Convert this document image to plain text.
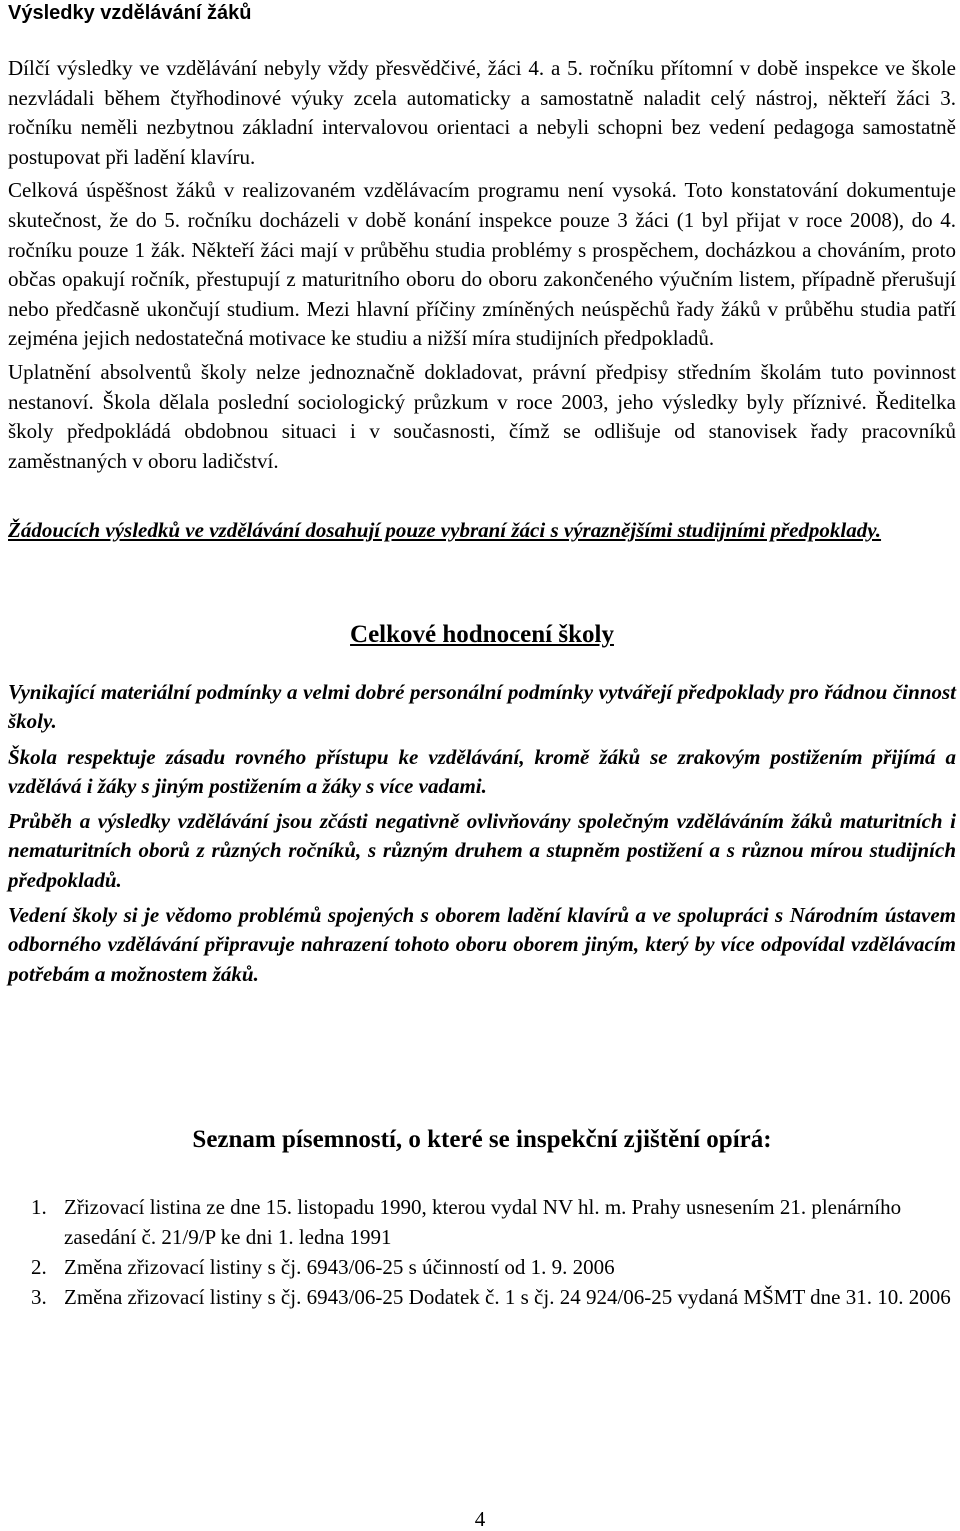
Výsledky vzdělávání žáků

Dílčí výsledky ve vzdělávání nebyly vždy přesvědčivé, žáci 4. a 5. ročníku přítomní v době inspekce ve škole nezvládali během čtyřhodinové výuky zcela automaticky a samostatně naladit celý nástroj, někteří žáci 3. ročníku neměli nezbytnou základní intervalovou orientaci a nebyli schopni bez vedení pedagoga samostatně postupovat při ladění klavíru.

Celková úspěšnost žáků v realizovaném vzdělávacím programu není vysoká. Toto konstatování dokumentuje skutečnost, že do 5. ročníku docházeli v době konání inspekce pouze 3 žáci (1 byl přijat v roce 2008), do 4. ročníku pouze 1 žák. Někteří žáci mají v průběhu studia problémy s prospěchem, docházkou a chováním, proto občas opakují ročník, přestupují z maturitního oboru do oboru zakončeného výučním listem, případně přerušují nebo předčasně ukončují studium. Mezi hlavní příčiny zmíněných neúspěchů řady žáků v průběhu studia patří zejména jejich nedostatečná motivace ke studiu a nižší míra studijních předpokladů.

Uplatnění absolventů školy nelze jednoznačně dokladovat, právní předpisy středním školám tuto povinnost nestanoví. Škola dělala poslední sociologický průzkum v roce 2003, jeho výsledky byly příznivé. Ředitelka školy předpokládá obdobnou situaci i v současnosti, čímž se odlišuje od stanovisek řady pracovníků zaměstnaných v oboru ladičství.

Žádoucích výsledků ve vzdělávání dosahují pouze vybraní žáci s výraznějšími studijními předpoklady.

Celkové hodnocení školy

Vynikající materiální podmínky a velmi dobré personální podmínky vytvářejí předpoklady pro řádnou činnost školy.

Škola respektuje zásadu rovného přístupu ke vzdělávání, kromě žáků se zrakovým postižením přijímá a vzdělává i žáky s jiným postižením a žáky s více vadami.

Průběh a výsledky vzdělávání jsou zčásti negativně ovlivňovány společným vzděláváním žáků maturitních i nematuritních oborů z různých ročníků, s různým druhem a stupněm postižení a s různou mírou studijních předpokladů.

Vedení školy si je vědomo problémů spojených s oborem ladění klavírů a ve spolupráci s Národním ústavem odborného vzdělávání připravuje nahrazení tohoto oboru oborem jiným, který by více odpovídal vzdělávacím potřebám a možnostem žáků.

Seznam písemností, o které se inspekční zjištění opírá:
1. Zřizovací listina ze dne 15. listopadu 1990, kterou vydal NV hl. m. Prahy usnesením 21. plenárního zasedání č. 21/9/P ke dni 1. ledna 1991
2. Změna zřizovací listiny s čj. 6943/06-25 s účinností od 1. 9. 2006
3. Změna zřizovací listiny s čj. 6943/06-25 Dodatek č. 1 s čj. 24 924/06-25 vydaná MŠMT dne 31. 10. 2006
4
